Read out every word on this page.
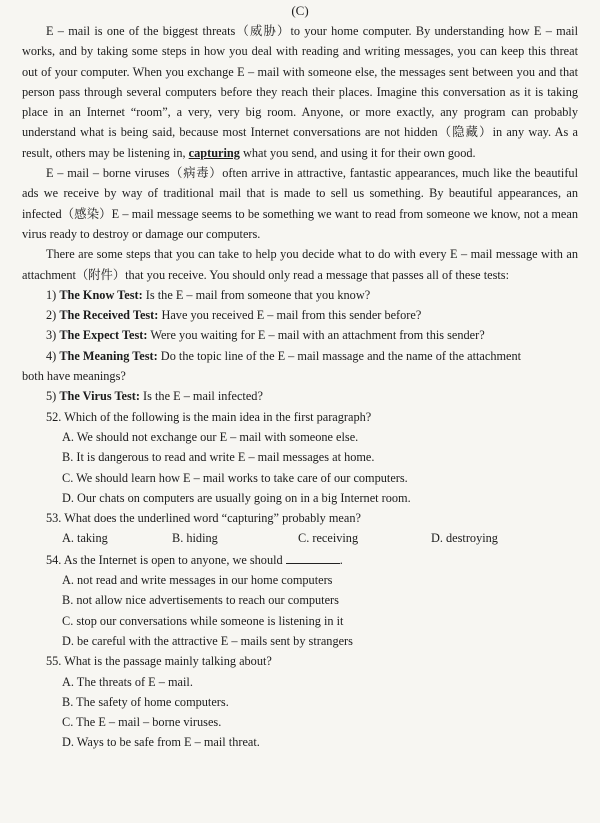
(C)

E – mail is one of the biggest threats（威胁）to your home computer. By understanding how E – mail works, and by taking some steps in how you deal with reading and writing messages, you can keep this threat out of your computer. When you exchange E – mail with someone else, the messages sent between you and that person pass through several computers before they reach their places. Imagine this conversation as it is taking place in an Internet “room”, a very, very big room. Anyone, or more exactly, any program can probably understand what is being said, because most Internet conversations are not hidden（隐藏）in any way. As a result, others may be listening in, capturing what you send, and using it for their own good.

E – mail – borne viruses（病毒）often arrive in attractive, fantastic appearances, much like the beautiful ads we receive by way of traditional mail that is made to sell us something. By beautiful appearances, an infected（感染）E – mail message seems to be something we want to read from someone we know, not a mean virus ready to destroy or damage our computers.

There are some steps that you can take to help you decide what to do with every E – mail message with an attachment（附件）that you receive. You should only read a message that passes all of these tests:

1) The Know Test: Is the E – mail from someone that you know?

2) The Received Test: Have you received E – mail from this sender before?

3) The Expect Test: Were you waiting for E – mail with an attachment from this sender?

4) The Meaning Test: Do the topic line of the E – mail massage and the name of the attachment

both have meanings?

5) The Virus Test: Is the E – mail infected?

52. Which of the following is the main idea in the first paragraph?

A. We should not exchange our E – mail with someone else.

B. It is dangerous to read and write E – mail messages at home.

C. We should learn how E – mail works to take care of our computers.

D. Our chats on computers are usually going on in a big Internet room.

53. What does the underlined word “capturing” probably mean?

A. taking	B. hiding	C. receiving	D. destroying

54. As the Internet is open to anyone, we should	.

A. not read and write messages in our home computers

B. not allow nice advertisements to reach our computers

C. stop our conversations while someone is listening in it

D. be careful with the attractive E – mails sent by strangers

55. What is the passage mainly talking about?

A. The threats of E – mail.

B. The safety of home computers.

C. The E – mail – borne viruses.

D. Ways to be safe from E – mail threat.
